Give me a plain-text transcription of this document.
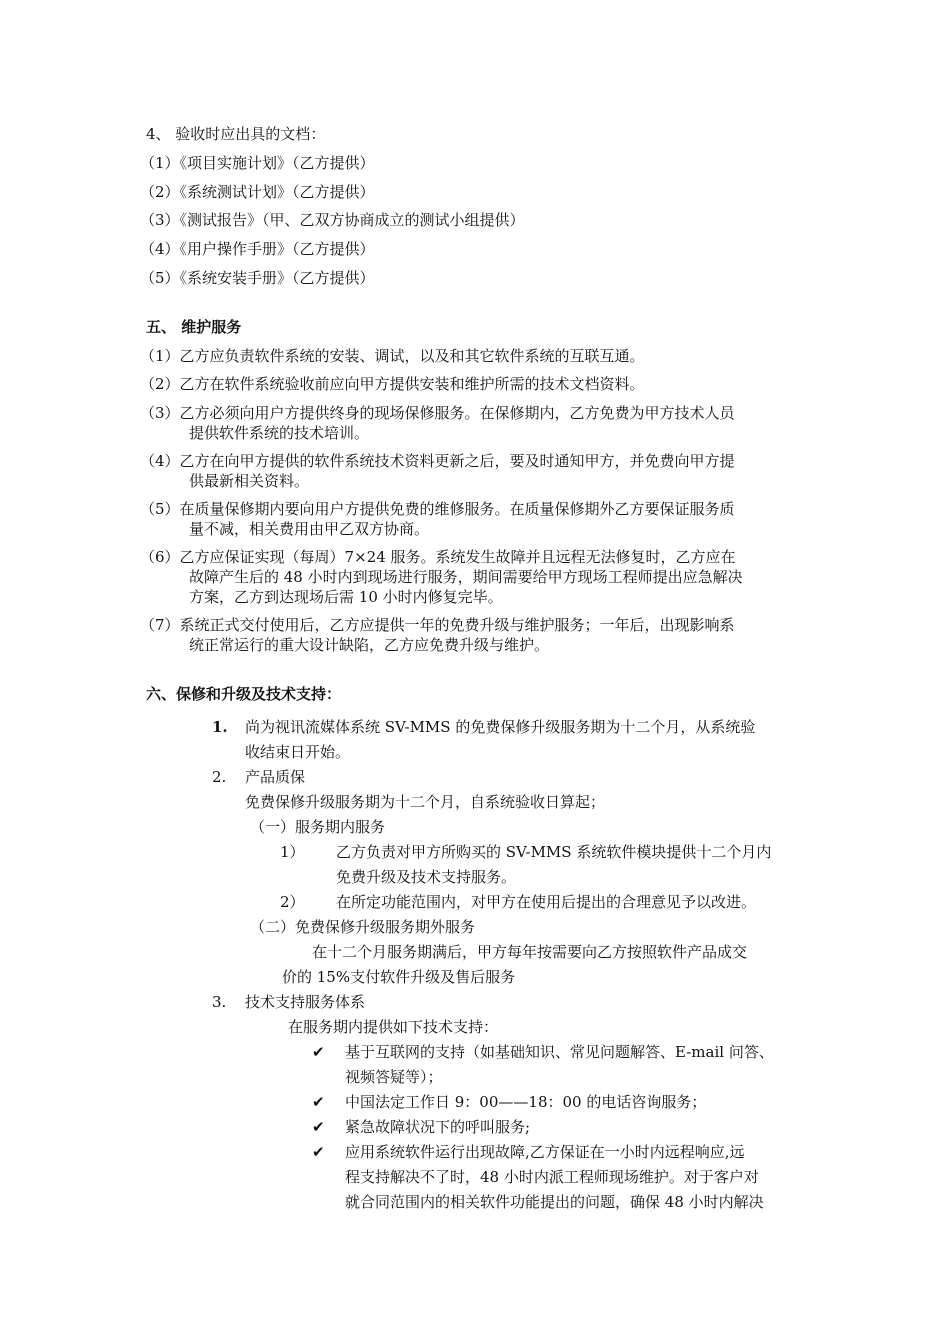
4、 验收时应出具的文档：
（1）《项目实施计划》（乙方提供）
（2）《系统测试计划》（乙方提供）
（3）《测试报告》（甲、乙双方协商成立的测试小组提供）
（4）《用户操作手册》（乙方提供）
（5）《系统安装手册》（乙方提供）
五、 维护服务
（1）乙方应负责软件系统的安装、调试，以及和其它软件系统的互联互通。
（2）乙方在软件系统验收前应向甲方提供安装和维护所需的技术文档资料。
（3）乙方必须向用户方提供终身的现场保修服务。在保修期内，乙方免费为甲方技术人员
提供软件系统的技术培训。
（4）乙方在向甲方提供的软件系统技术资料更新之后，要及时通知甲方，并免费向甲方提
供最新相关资料。
（5）在质量保修期内要向用户方提供免费的维修服务。在质量保修期外乙方要保证服务质
量不减，相关费用由甲乙双方协商。
（6）乙方应保证实现（每周）7×24 服务。系统发生故障并且远程无法修复时，乙方应在
故障产生后的 48 小时内到现场进行服务，期间需要给甲方现场工程师提出应急解决
方案，乙方到达现场后需 10 小时内修复完毕。
（7）系统正式交付使用后，乙方应提供一年的免费升级与维护服务；一年后，出现影响系
统正常运行的重大设计缺陷，乙方应免费升级与维护。
六、保修和升级及技术支持：
1. 尚为视讯流媒体系统 SV-MMS 的免费保修升级服务期为十二个月，从系统验
收结束日开始。
2. 产品质保
免费保修升级服务期为十二个月，自系统验收日算起；
（一）服务期内服务
1） 乙方负责对甲方所购买的 SV-MMS 系统软件模块提供十二个月内
免费升级及技术支持服务。
2） 在所定功能范围内，对甲方在使用后提出的合理意见予以改进。
（二）免费保修升级服务期外服务
在十二个月服务期满后，甲方每年按需要向乙方按照软件产品成交
价的 15%支付软件升级及售后服务
3. 技术支持服务体系
在服务期内提供如下技术支持：
✔ 基于互联网的支持（如基础知识、常见问题解答、E-mail 问答、
视频答疑等）；
✔ 中国法定工作日 9：00——18：00 的电话咨询服务；
✔ 紧急故障状况下的呼叫服务;
✔ 应用系统软件运行出现故障,乙方保证在一小时内远程响应,远
程支持解决不了时，48 小时内派工程师现场维护。对于客户对
就合同范围内的相关软件功能提出的问题，确保 48 小时内解决
